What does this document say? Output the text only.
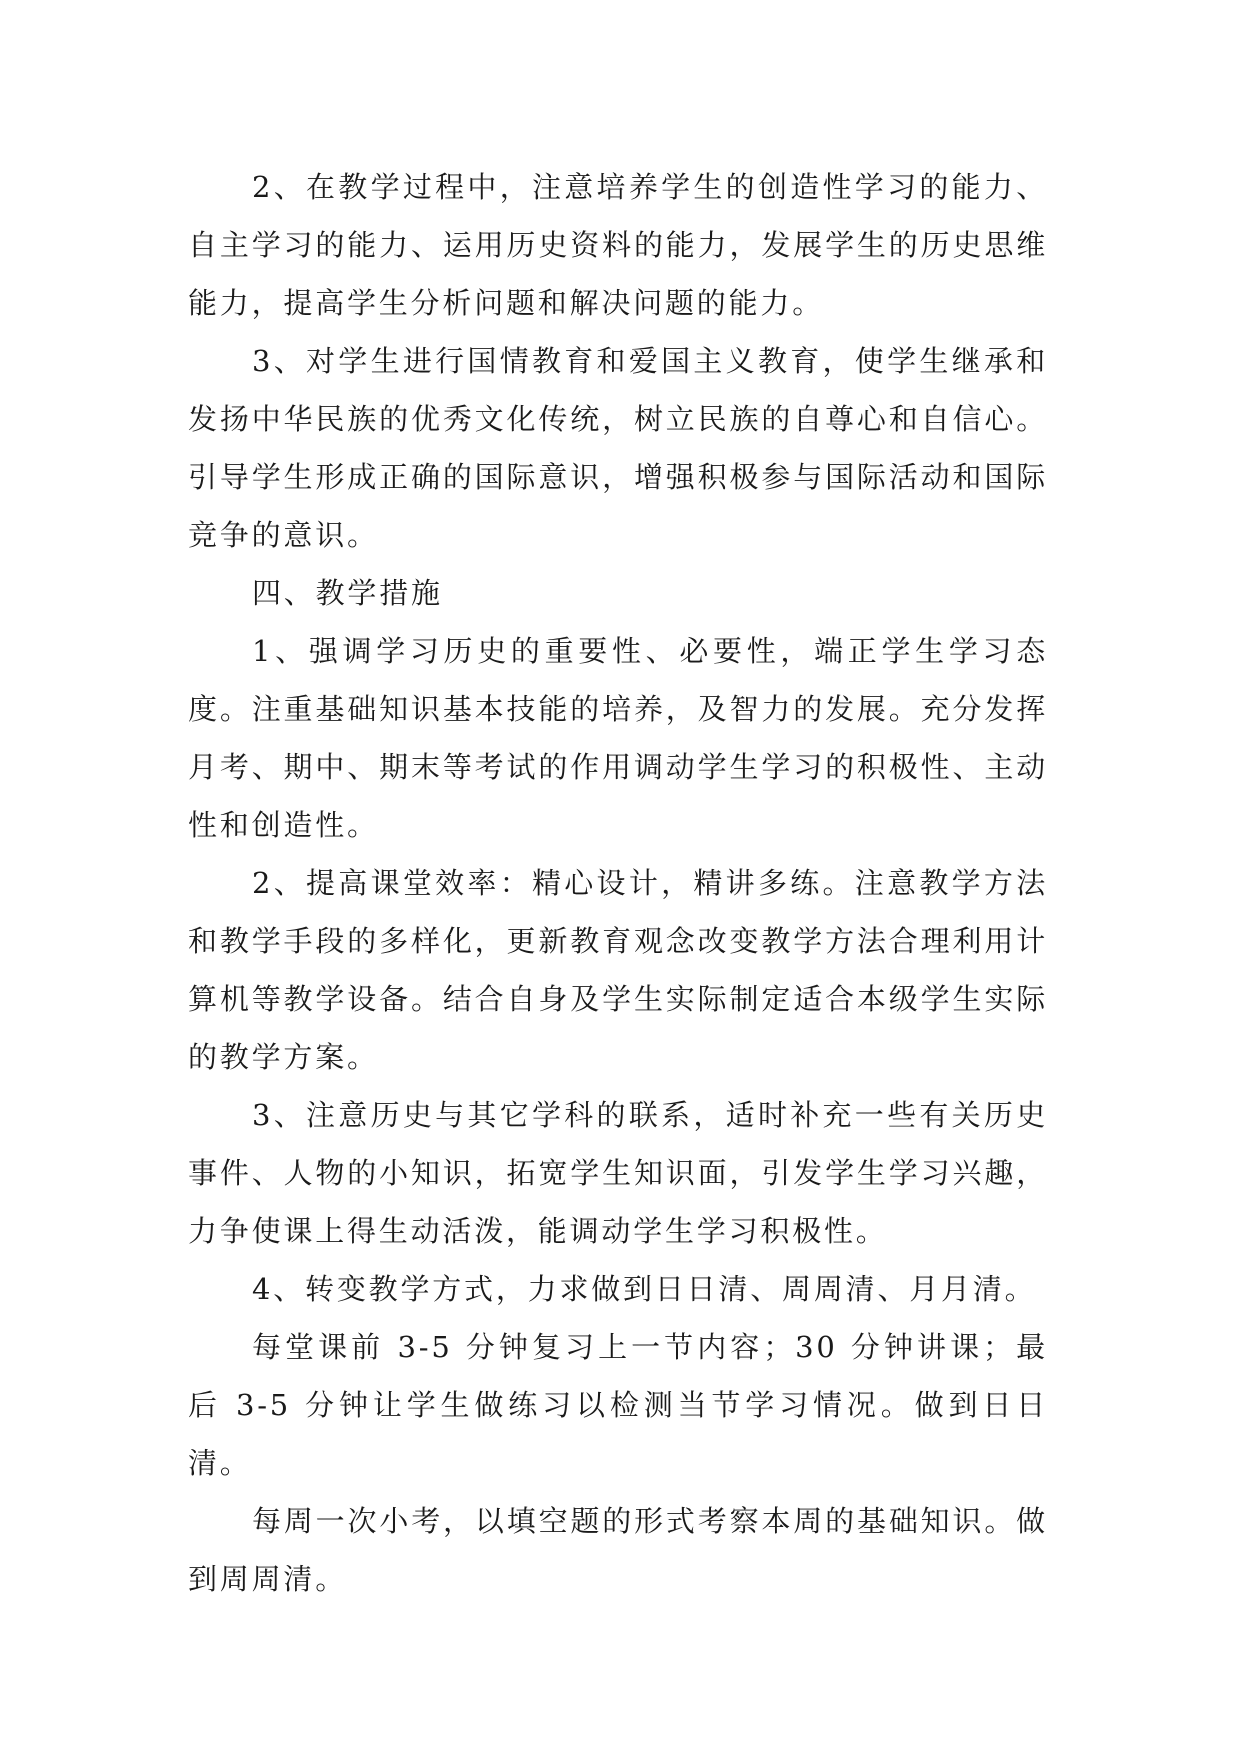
2、在教学过程中，注意培养学生的创造性学习的能力、自主学习的能力、运用历史资料的能力，发展学生的历史思维能力，提高学生分析问题和解决问题的能力。

3、对学生进行国情教育和爱国主义教育，使学生继承和发扬中华民族的优秀文化传统，树立民族的自尊心和自信心。引导学生形成正确的国际意识，增强积极参与国际活动和国际竞争的意识。

四、教学措施

1、强调学习历史的重要性、必要性，端正学生学习态度。注重基础知识基本技能的培养，及智力的发展。充分发挥月考、期中、期末等考试的作用调动学生学习的积极性、主动性和创造性。

2、提高课堂效率：精心设计，精讲多练。注意教学方法和教学手段的多样化，更新教育观念改变教学方法合理利用计算机等教学设备。结合自身及学生实际制定适合本级学生实际的教学方案。

3、注意历史与其它学科的联系，适时补充一些有关历史事件、人物的小知识，拓宽学生知识面，引发学生学习兴趣，力争使课上得生动活泼，能调动学生学习积极性。

4、转变教学方式，力求做到日日清、周周清、月月清。

每堂课前 3-5 分钟复习上一节内容；30 分钟讲课；最后 3-5 分钟让学生做练习以检测当节学习情况。做到日日清。

每周一次小考，以填空题的形式考察本周的基础知识。做到周周清。
